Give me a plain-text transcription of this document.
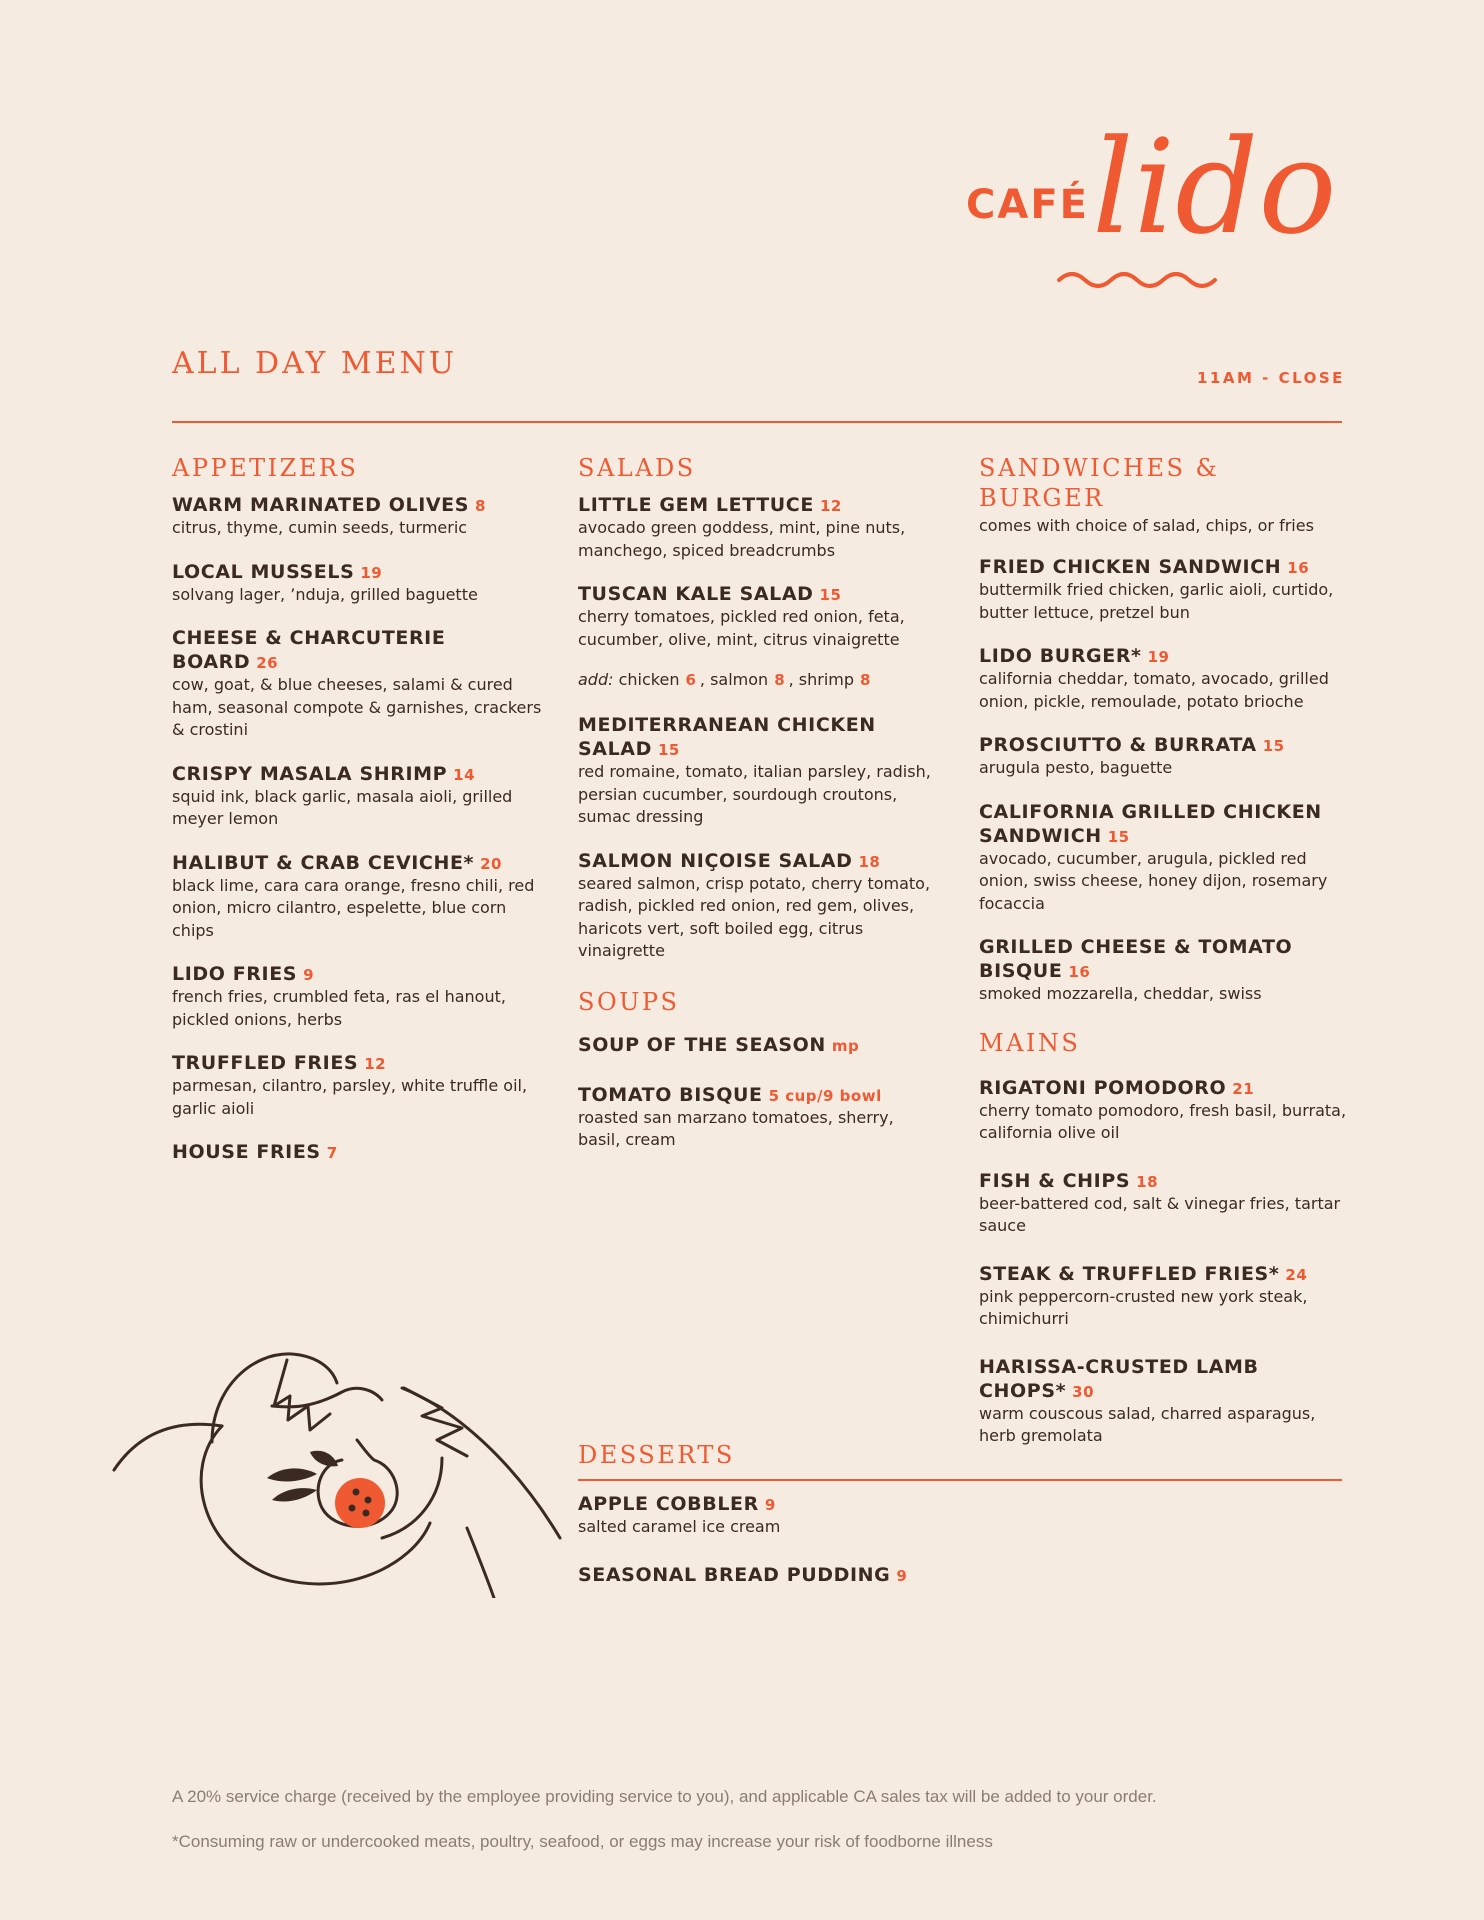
CAFÉ lido
ALL DAY MENU	11AM - CLOSE
APPETIZERS
WARM MARINATED OLIVES 8
citrus, thyme, cumin seeds, turmeric
LOCAL MUSSELS 19
solvang lager, ’nduja, grilled baguette
CHEESE & CHARCUTERIE BOARD 26
cow, goat, & blue cheeses, salami & cured ham, seasonal compote & garnishes, crackers & crostini
CRISPY MASALA SHRIMP 14
squid ink, black garlic, masala aioli, grilled meyer lemon
HALIBUT & CRAB CEVICHE* 20
black lime, cara cara orange, fresno chili, red onion, micro cilantro, espelette, blue corn chips
LIDO FRIES 9
french fries, crumbled feta, ras el hanout, pickled onions, herbs
TRUFFLED FRIES 12
parmesan, cilantro, parsley, white truffle oil, garlic aioli
HOUSE FRIES 7
SALADS
LITTLE GEM LETTUCE 12
avocado green goddess, mint, pine nuts, manchego, spiced breadcrumbs
TUSCAN KALE SALAD 15
cherry tomatoes, pickled red onion, feta, cucumber, olive, mint, citrus vinaigrette
add: chicken 6 , salmon 8 , shrimp 8
MEDITERRANEAN CHICKEN SALAD 15
red romaine, tomato, italian parsley, radish, persian cucumber, sourdough croutons, sumac dressing
SALMON NIÇOISE SALAD 18
seared salmon, crisp potato, cherry tomato, radish, pickled red onion, red gem, olives, haricots vert, soft boiled egg, citrus vinaigrette
SOUPS
SOUP OF THE SEASON mp
TOMATO BISQUE 5 cup/9 bowl
roasted san marzano tomatoes, sherry, basil, cream
SANDWICHES & BURGER
comes with choice of salad, chips, or fries
FRIED CHICKEN SANDWICH 16
buttermilk fried chicken, garlic aioli, curtido, butter lettuce, pretzel bun
LIDO BURGER* 19
california cheddar, tomato, avocado, grilled onion, pickle, remoulade, potato brioche
PROSCIUTTO & BURRATA 15
arugula pesto, baguette
CALIFORNIA GRILLED CHICKEN SANDWICH 15
avocado, cucumber, arugula, pickled red onion, swiss cheese, honey dijon, rosemary focaccia
GRILLED CHEESE & TOMATO BISQUE 16
smoked mozzarella, cheddar, swiss
MAINS
RIGATONI POMODORO 21
cherry tomato pomodoro, fresh basil, burrata, california olive oil
FISH & CHIPS 18
beer-battered cod, salt & vinegar fries, tartar sauce
STEAK & TRUFFLED FRIES* 24
pink peppercorn-crusted new york steak, chimichurri
HARISSA-CRUSTED LAMB CHOPS* 30
warm couscous salad, charred asparagus, herb gremolata
DESSERTS
APPLE COBBLER 9
salted caramel ice cream
SEASONAL BREAD PUDDING 9
A 20% service charge (received by the employee providing service to you), and applicable CA sales tax will be added to your order.
*Consuming raw or undercooked meats, poultry, seafood, or eggs may increase your risk of foodborne illness
